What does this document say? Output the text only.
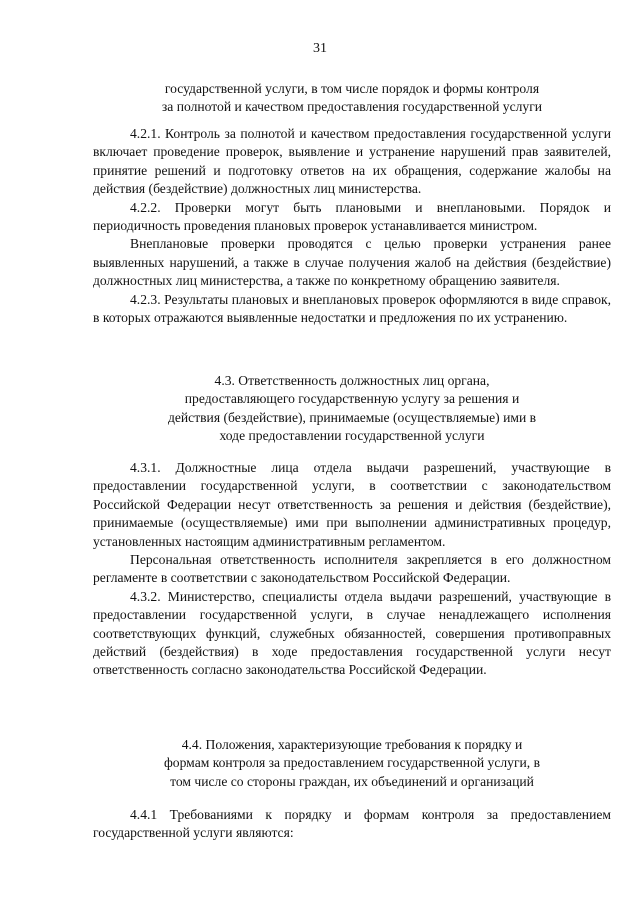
31

государственной услуги, в том числе порядок и формы контроля

за полнотой и качеством предоставления государственной услуги

4.2.1. Контроль за полнотой и качеством предоставления государственной услуги включает проведение проверок, выявление и устранение нарушений прав заявителей, принятие решений и подготовку ответов на их обращения, содержание жалобы на действия (бездействие) должностных лиц министерства.

4.2.2. Проверки могут быть плановыми и внеплановыми. Порядок и периодичность проведения плановых проверок устанавливается министром.

Внеплановые проверки проводятся с целью проверки устранения ранее выявленных нарушений, а также в случае получения жалоб на действия (бездействие) должностных лиц министерства, а также по конкретному обращению заявителя.

4.2.3. Результаты плановых и внеплановых проверок оформляются в виде справок, в которых отражаются выявленные недостатки и предложения по их устранению.

4.3. Ответственность должностных лиц органа,

предоставляющего государственную услугу за решения и

действия (бездействие), принимаемые (осуществляемые) ими в

ходе предоставлении государственной услуги

4.3.1. Должностные лица отдела выдачи разрешений, участвующие в предоставлении государственной услуги, в соответствии с законодательством Российской Федерации несут ответственность за решения и действия (бездействие), принимаемые (осуществляемые) ими при выполнении административных процедур, установленных настоящим административным регламентом.

Персональная ответственность исполнителя закрепляется в его должностном регламенте в соответствии с законодательством Российской Федерации.

4.3.2. Министерство, специалисты отдела выдачи разрешений, участвующие в предоставлении государственной услуги, в случае ненадлежащего исполнения соответствующих функций, служебных обязанностей, совершения противоправных действий (бездействия) в ходе предоставления государственной услуги несут ответственность согласно законодательства Российской Федерации.

4.4. Положения, характеризующие требования к порядку и

формам контроля за предоставлением государственной услуги, в

том числе со стороны граждан, их объединений и организаций

4.4.1 Требованиями к порядку и формам контроля за предоставлением государственной услуги являются:
